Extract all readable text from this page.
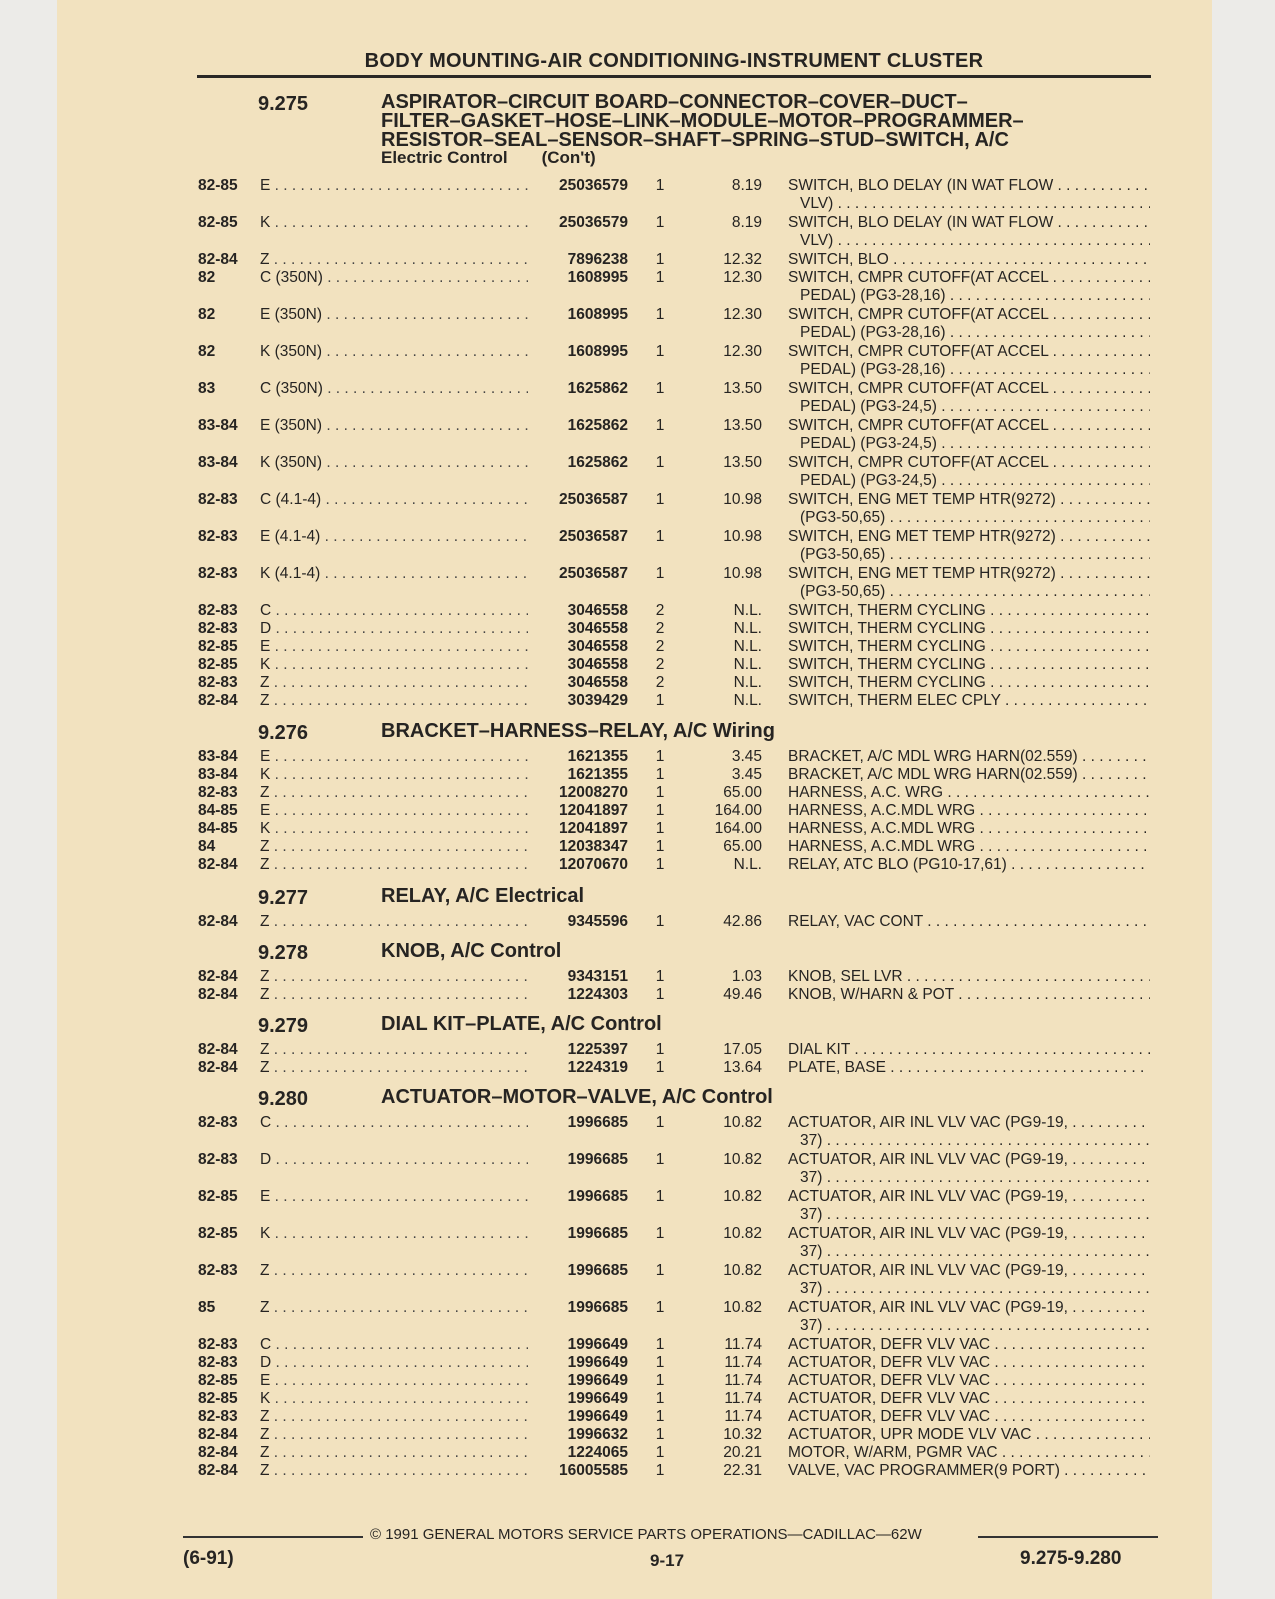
BODY MOUNTING-AIR CONDITIONING-INSTRUMENT CLUSTER
9.275	ASPIRATOR–CIRCUIT BOARD–CONNECTOR–COVER–DUCT–
FILTER–GASKET–HOSE–LINK–MODULE–MOTOR–PROGRAMMER–
RESISTOR–SEAL–SENSOR–SHAFT–SPRING–STUD–SWITCH, A/C
Electric Control (Con't)
82-85	E . . .	25036579	1	8.19 SWITCH, BLO DELAY (IN WAT FLOW . . .
VLV) . . .
82-85	K . . .	25036579	1	8.19 SWITCH, BLO DELAY (IN WAT FLOW . . .
VLV) . . .
82-84	Z . . .	7896238	1	12.32 SWITCH, BLO . . .
82	C (350N) . . .	1608995	1	12.30 SWITCH, CMPR CUTOFF(AT ACCEL . . .
PEDAL) (PG3-28,16) . . .
82	E (350N) . . .	1608995	1	12.30 SWITCH, CMPR CUTOFF(AT ACCEL . . .
PEDAL) (PG3-28,16) . . .
82	K (350N) . . .	1608995	1	12.30 SWITCH, CMPR CUTOFF(AT ACCEL . . .
PEDAL) (PG3-28,16) . . .
83	C (350N) . . .	1625862	1	13.50 SWITCH, CMPR CUTOFF(AT ACCEL . . .
PEDAL) (PG3-24,5) . . .
83-84	E (350N) . . .	1625862	1	13.50 SWITCH, CMPR CUTOFF(AT ACCEL . . .
PEDAL) (PG3-24,5) . . .
83-84	K (350N) . . .	1625862	1	13.50 SWITCH, CMPR CUTOFF(AT ACCEL . . .
PEDAL) (PG3-24,5) . . .
82-83	C (4.1-4) . . .	25036587	1	10.98 SWITCH, ENG MET TEMP HTR(9272) . . .
(PG3-50,65) . . .
82-83	E (4.1-4) . . .	25036587	1	10.98 SWITCH, ENG MET TEMP HTR(9272) . . .
(PG3-50,65) . . .
82-83	K (4.1-4) . . .	25036587	1	10.98 SWITCH, ENG MET TEMP HTR(9272) . . .
(PG3-50,65) . . .
82-83	C . . .	3046558	2	N.L. SWITCH, THERM CYCLING . . .
82-83	D . . .	3046558	2	N.L. SWITCH, THERM CYCLING . . .
82-85	E . . .	3046558	2	N.L. SWITCH, THERM CYCLING . . .
82-85	K . . .	3046558	2	N.L. SWITCH, THERM CYCLING . . .
82-83	Z . . .	3046558	2	N.L. SWITCH, THERM CYCLING . . .
82-84	Z . . .	3039429	1	N.L. SWITCH, THERM ELEC CPLY . . .
9.276	BRACKET–HARNESS–RELAY, A/C Wiring
83-84	E . . .	1621355	1	3.45 BRACKET, A/C MDL WRG HARN(02.559) . . .
83-84	K . . .	1621355	1	3.45 BRACKET, A/C MDL WRG HARN(02.559) . . .
82-83	Z . . .	12008270	1	65.00 HARNESS, A.C. WRG . . .
84-85	E . . .	12041897	1	164.00 HARNESS, A.C.MDL WRG . . .
84-85	K . . .	12041897	1	164.00 HARNESS, A.C.MDL WRG . . .
84	Z . . .	12038347	1	65.00 HARNESS, A.C.MDL WRG . . .
82-84	Z . . .	12070670	1	N.L. RELAY, ATC BLO (PG10-17,61) . . .
9.277	RELAY, A/C Electrical
82-84	Z . . .	9345596	1	42.86 RELAY, VAC CONT . . .
9.278	KNOB, A/C Control
82-84	Z . . .	9343151	1	1.03 KNOB, SEL LVR . . .
82-84	Z . . .	1224303	1	49.46 KNOB, W/HARN & POT . . .
9.279	DIAL KIT–PLATE, A/C Control
82-84	Z . . .	1225397	1	17.05 DIAL KIT . . .
82-84	Z . . .	1224319	1	13.64 PLATE, BASE . . .
9.280	ACTUATOR–MOTOR–VALVE, A/C Control
82-83	C . . .	1996685	1	10.82 ACTUATOR, AIR INL VLV VAC (PG9-19, . . .
37) . . .
82-83	D . . .	1996685	1	10.82 ACTUATOR, AIR INL VLV VAC (PG9-19, . . .
37) . . .
82-85	E . . .	1996685	1	10.82 ACTUATOR, AIR INL VLV VAC (PG9-19, . . .
37) . . .
82-85	K . . .	1996685	1	10.82 ACTUATOR, AIR INL VLV VAC (PG9-19, . . .
37) . . .
82-83	Z . . .	1996685	1	10.82 ACTUATOR, AIR INL VLV VAC (PG9-19, . . .
37) . . .
85	Z . . .	1996685	1	10.82 ACTUATOR, AIR INL VLV VAC (PG9-19, . . .
37) . . .
82-83	C . . .	1996649	1	11.74 ACTUATOR, DEFR VLV VAC . . .
82-83	D . . .	1996649	1	11.74 ACTUATOR, DEFR VLV VAC . . .
82-85	E . . .	1996649	1	11.74 ACTUATOR, DEFR VLV VAC . . .
82-85	K . . .	1996649	1	11.74 ACTUATOR, DEFR VLV VAC . . .
82-83	Z . . .	1996649	1	11.74 ACTUATOR, DEFR VLV VAC . . .
82-84	Z . . .	1996632	1	10.32 ACTUATOR, UPR MODE VLV VAC . . .
82-84	Z . . .	1224065	1	20.21 MOTOR, W/ARM, PGMR VAC . . .
82-84	Z . . .	16005585	1	22.31 VALVE, VAC PROGRAMMER(9 PORT) . . .
© 1991 GENERAL MOTORS SERVICE PARTS OPERATIONS—CADILLAC—62W
(6-91)	9-17	9.275-9.280
